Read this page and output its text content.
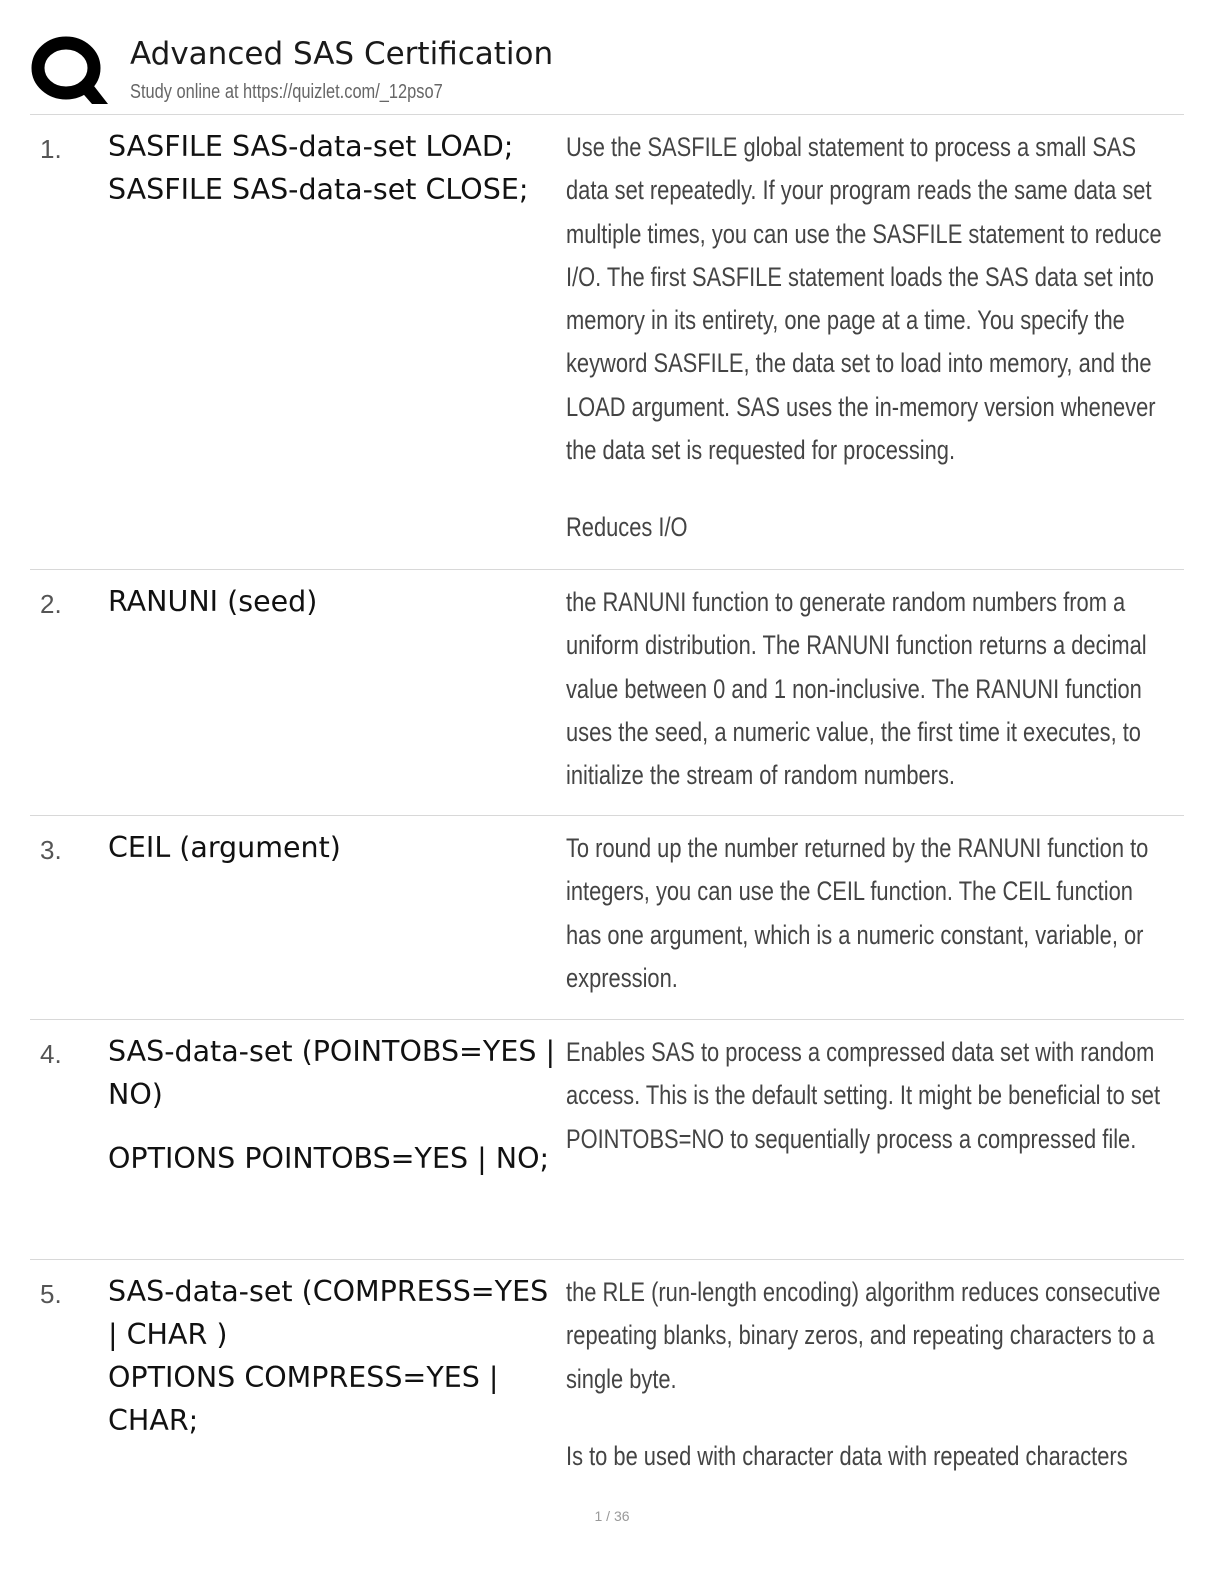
Advanced SAS Certification
Study online at https://quizlet.com/_12pso7
1. SASFILE SAS-data-set LOAD;
SASFILE SAS-data-set CLOSE;

Use the SASFILE global statement to process a small SAS data set repeatedly. If your program reads the same data set multiple times, you can use the SASFILE statement to reduce I/O. The first SASFILE statement loads the SAS data set into memory in its entirety, one page at a time. You specify the keyword SASFILE, the data set to load into memory, and the LOAD argument. SAS uses the in-memory version whenever the data set is requested for processing.

Reduces I/O

2. RANUNI (seed)	the RANUNI function to generate random numbers from a uniform distribution. The RANUNI function returns a decimal value between 0 and 1 non-inclusive. The RANUNI function uses the seed, a numeric value, the first time it executes, to initialize the stream of random numbers.

3. CEIL (argument)	To round up the number returned by the RANUNI function to integers, you can use the CEIL function. The CEIL function has one argument, which is a numeric constant, variable, or expression.

4. SAS-data-set (POINTOBS=YES | NO)

OPTIONS POINTOBS=YES | NO;

Enables SAS to process a compressed data set with random access. This is the default setting. It might be beneficial to set POINTOBS=NO to sequentially process a compressed file.

5. SAS-data-set (COMPRESS=YES | CHAR )
OPTIONS COMPRESS=YES | CHAR;

the RLE (run-length encoding) algorithm reduces consecutive repeating blanks, binary zeros, and repeating characters to a single byte.

Is to be used with character data with repeated characters

1 / 36
